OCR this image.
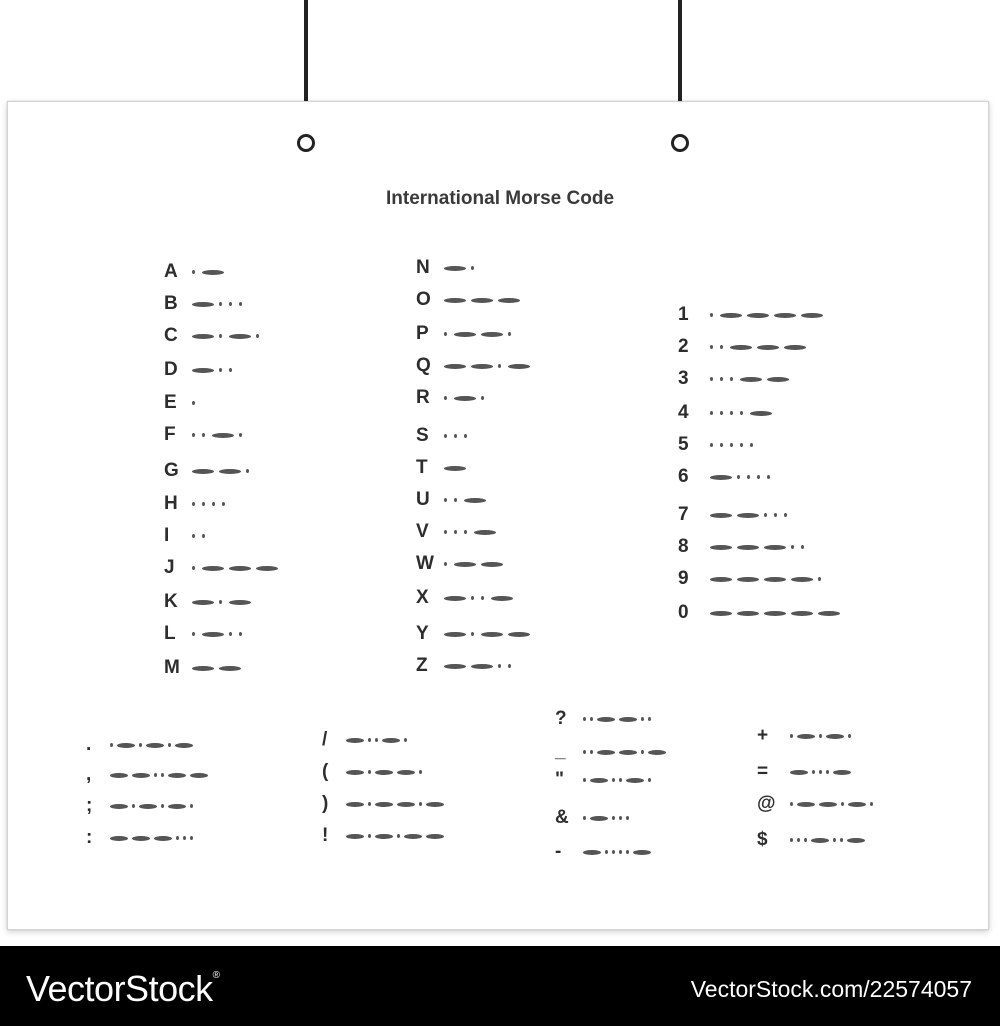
International Morse Code
A
B
C
D
E
F
G
H
I
J
K
L
M
N
O
P
Q
R
S
T
U
V
W
X
Y
Z
1
2
3
4
5
6
7
8
9
0
.
,
;
:
/
(
)
!
?
_
"
&
-
+
=
@
$
VectorStock®
VectorStock.com/22574057
